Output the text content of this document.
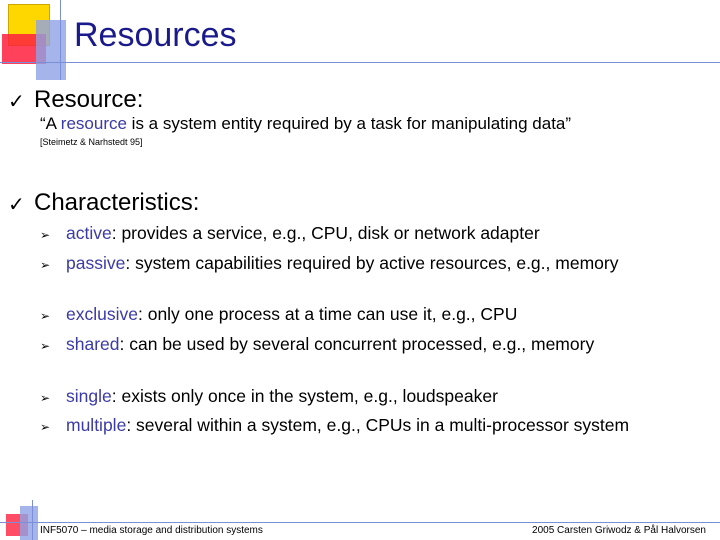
Resources
✓ Resource:
“A resource is a system entity required by a task for manipulating data”
[Steimetz & Narhstedt 95]
✓ Characteristics:
➢ active: provides a service, e.g., CPU, disk or network adapter
➢ passive: system capabilities required by active resources, e.g., memory
➢ exclusive: only one process at a time can use it, e.g., CPU
➢ shared: can be used by several concurrent processed, e.g., memory
➢ single: exists only once in the system, e.g., loudspeaker
➢ multiple: several within a system, e.g., CPUs in a multi-processor system
INF5070 – media storage and distribution systems	2005 Carsten Griwodz & Pål Halvorsen
